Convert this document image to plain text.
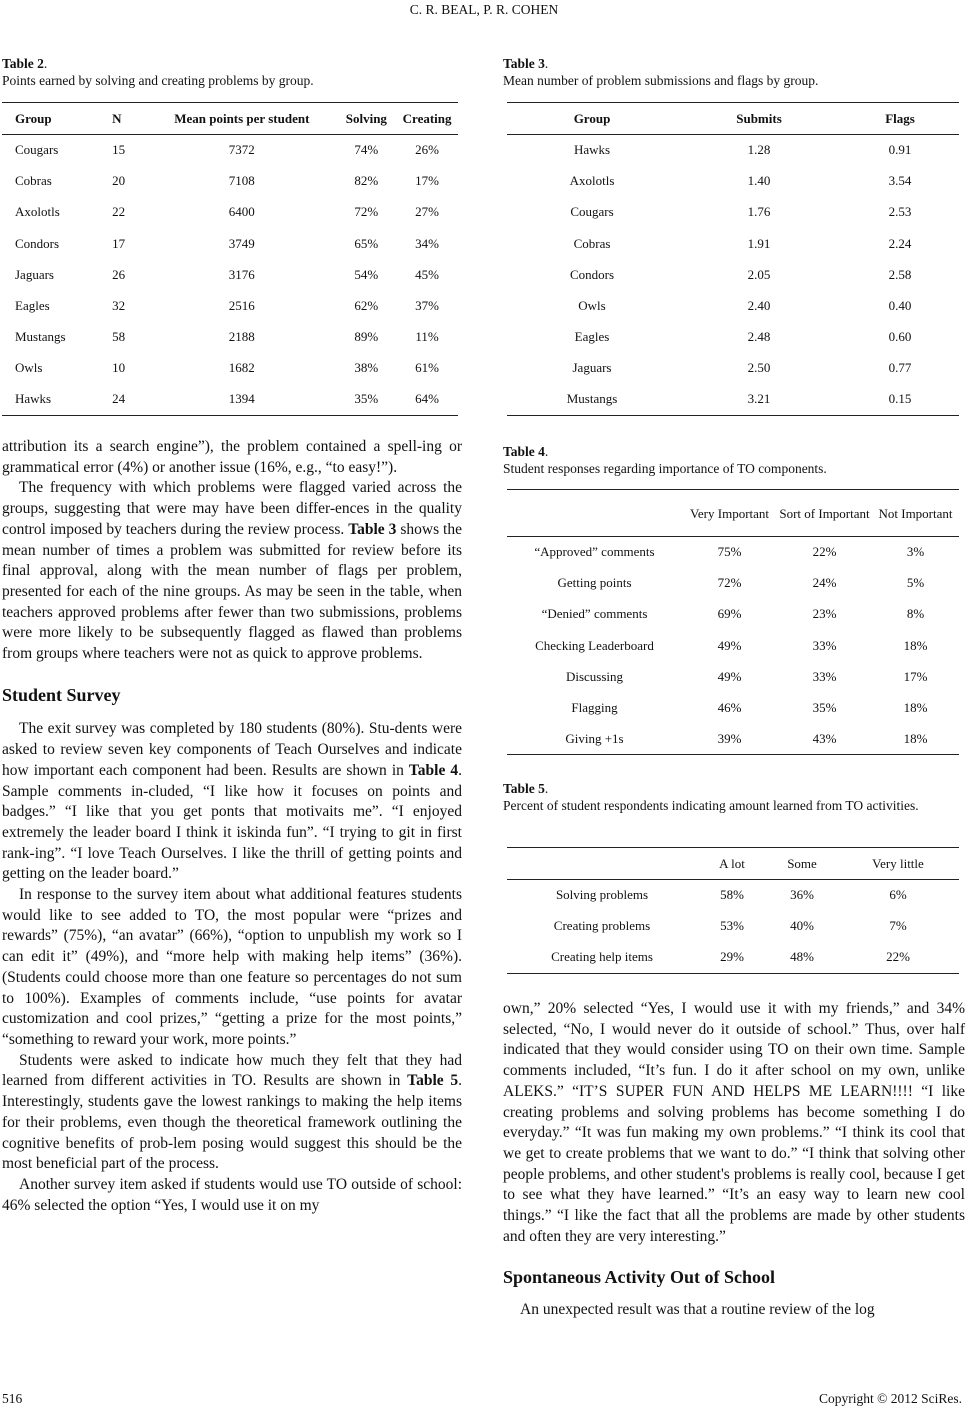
C. R. BEAL, P. R. COHEN
Table 2.
Points earned by solving and creating problems by group.
Group	N	Mean points per student	Solving	Creating
Cougars	15	7372	74%	26%
Cobras	20	7108	82%	17%
Axolotls	22	6400	72%	27%
Condors	17	3749	65%	34%
Jaguars	26	3176	54%	45%
Eagles	32	2516	62%	37%
Mustangs	58	2188	89%	11%
Owls	10	1682	38%	61%
Hawks	24	1394	35%	64%
Table 3.
Mean number of problem submissions and flags by group.
Group	Submits	Flags
Hawks	1.28	0.91
Axolotls	1.40	3.54
Cougars	1.76	2.53
Cobras	1.91	2.24
Condors	2.05	2.58
Owls	2.40	0.40
Eagles	2.48	0.60
Jaguars	2.50	0.77
Mustangs	3.21	0.15
Table 4.
Student responses regarding importance of TO components.
	Very Important	Sort of Important	Not Important
“Approved” comments	75%	22%	3%
Getting points	72%	24%	5%
“Denied” comments	69%	23%	8%
Checking Leaderboard	49%	33%	18%
Discussing	49%	33%	17%
Flagging	46%	35%	18%
Giving +1s	39%	43%	18%
Table 5.
Percent of student respondents indicating amount learned from TO activities.
	A lot	Some	Very little
Solving problems	58%	36%	6%
Creating problems	53%	40%	7%
Creating help items	29%	48%	22%

attribution its a search engine”), the problem contained a spell-ing or grammatical error (4%) or another issue (16%, e.g., “to easy!”).

The frequency with which problems were flagged varied across the groups, suggesting that were may have been differ-ences in the quality control imposed by teachers during the review process. Table 3 shows the mean number of times a problem was submitted for review before its final approval, along with the mean number of flags per problem, presented for each of the nine groups. As may be seen in the table, when teachers approved problems after fewer than two submissions, problems were more likely to be subsequently flagged as flawed than problems from groups where teachers were not as quick to approve problems.

Student Survey

The exit survey was completed by 180 students (80%). Stu-dents were asked to review seven key components of Teach Ourselves and indicate how important each component had been. Results are shown in Table 4. Sample comments in-cluded, “I like how it focuses on points and badges.” “I like that you get ponts that motivaits me”. “I enjoyed extremely the leader board I think it iskinda fun”. “I trying to git in first rank-ing”. “I love Teach Ourselves. I like the thrill of getting points and getting on the leader board.”

In response to the survey item about what additional features students would like to see added to TO, the most popular were “prizes and rewards” (75%), “an avatar” (66%), “option to unpublish my work so I can edit it” (49%), and “more help with making help items” (36%). (Students could choose more than one feature so percentages do not sum to 100%). Examples of comments include, “use points for avatar customization and cool prizes,” “getting a prize for the most points,” “something to reward your work, more points.”

Students were asked to indicate how much they felt that they had learned from different activities in TO. Results are shown in Table 5. Interestingly, students gave the lowest rankings to making the help items for their problems, even though the theoretical framework outlining the cognitive benefits of prob-lem posing would suggest this should be the most beneficial part of the process.

Another survey item asked if students would use TO outside of school: 46% selected the option “Yes, I would use it on my

own,” 20% selected “Yes, I would use it with my friends,” and 34% selected, “No, I would never do it outside of school.” Thus, over half indicated that they would consider using TO on their own time. Sample comments included, “It’s fun. I do it after school on my own, unlike ALEKS.” “IT’S SUPER FUN AND HELPS ME LEARN!!!! “I like creating problems and solving problems has become something I do everyday.” “It was fun making my own problems.” “I think its cool that we get to create problems that we want to do.” “I think that solving other people problems, and other student's problems is really cool, because I get to see what they have learned.” “It’s an easy way to learn new cool things.” “I like the fact that all the problems are made by other students and often they are very interesting.”

Spontaneous Activity Out of School

An unexpected result was that a routine review of the log

516	Copyright © 2012 SciRes.
